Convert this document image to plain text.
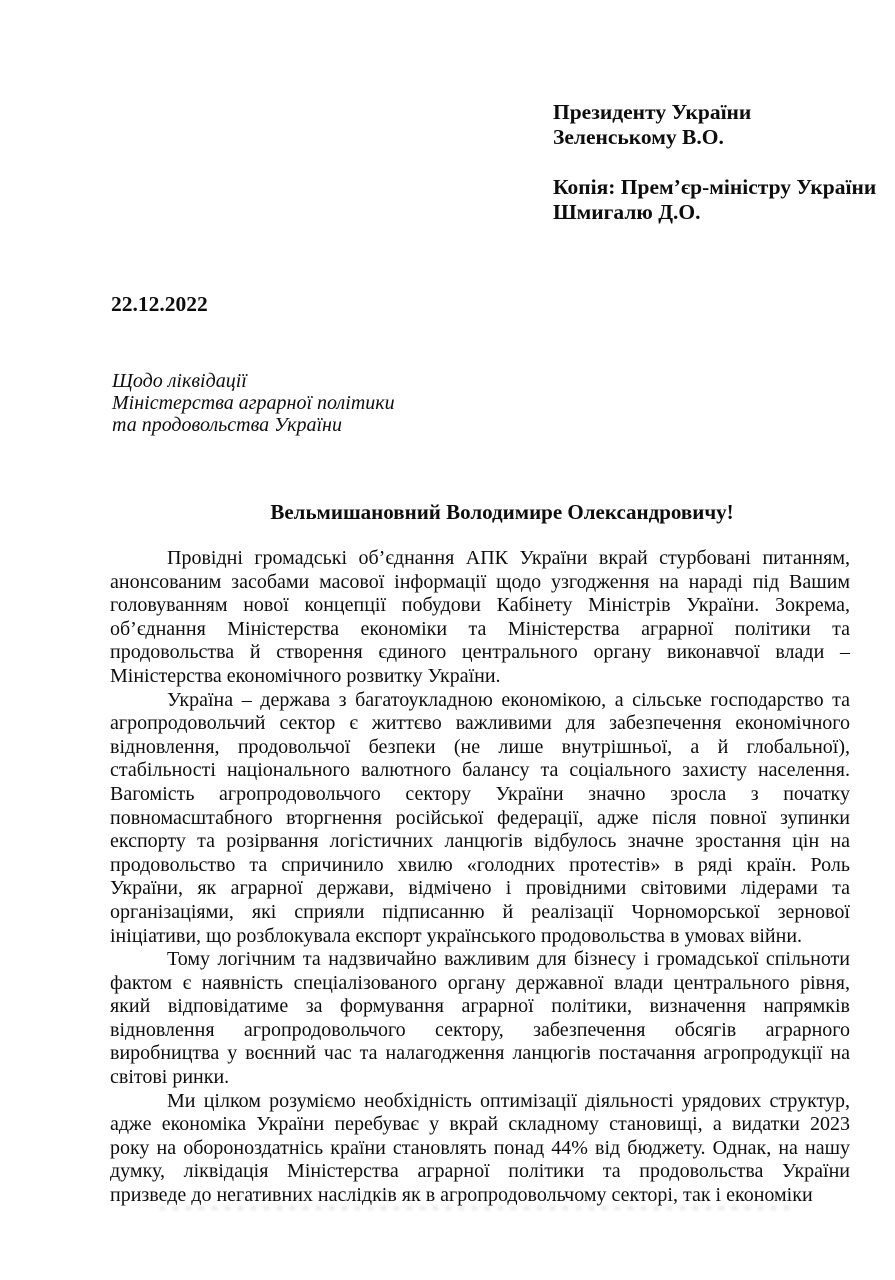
Президенту України
Зеленському В.О.

Копія: Прем’єр-міністру України
Шмигалю Д.О.
22.12.2022
Щодо ліквідації
Міністерства аграрної політики
та продовольства України
Вельмишановний Володимире Олександровичу!
Провідні громадські об’єднання АПК України вкрай стурбовані питанням,
анонсованим засобами масової інформації щодо узгодження на нараді під Вашим
головуванням нової концепції побудови Кабінету Міністрів України. Зокрема,
об’єднання Міністерства економіки та Міністерства аграрної політики та
продовольства й створення єдиного центрального органу виконавчої влади –
Міністерства економічного розвитку України.
Україна – держава з багатоукладною економікою, а сільське господарство та
агропродовольчий сектор є життєво важливими для забезпечення економічного
відновлення, продовольчої безпеки (не лише внутрішньої, а й глобальної),
стабільності національного валютного балансу та соціального захисту населення.
Вагомість агропродовольчого сектору України значно зросла з початку
повномасштабного вторгнення російської федерації, адже після повної зупинки
експорту та розірвання логістичних ланцюгів відбулось значне зростання цін на
продовольство та спричинило хвилю «голодних протестів» в ряді країн. Роль
України, як аграрної держави, відмічено і провідними світовими лідерами та
організаціями, які сприяли підписанню й реалізації Чорноморської зернової
ініціативи, що розблокувала експорт українського продовольства в умовах війни.
Тому логічним та надзвичайно важливим для бізнесу і громадської спільноти
фактом є наявність спеціалізованого органу державної влади центрального рівня,
який відповідатиме за формування аграрної політики, визначення напрямків
відновлення агропродовольчого сектору, забезпечення обсягів аграрного
виробництва у воєнний час та налагодження ланцюгів постачання агропродукції на
світові ринки.
Ми цілком розуміємо необхідність оптимізації діяльності урядових структур,
адже економіка України перебуває у вкрай складному становищі, а видатки 2023
року на обороноздатнісь країни становлять понад 44% від бюджету. Однак, на нашу
думку, ліквідація Міністерства аграрної політики та продовольства України
призведе до негативних наслідків як в агропродовольчому секторі, так і економіки
